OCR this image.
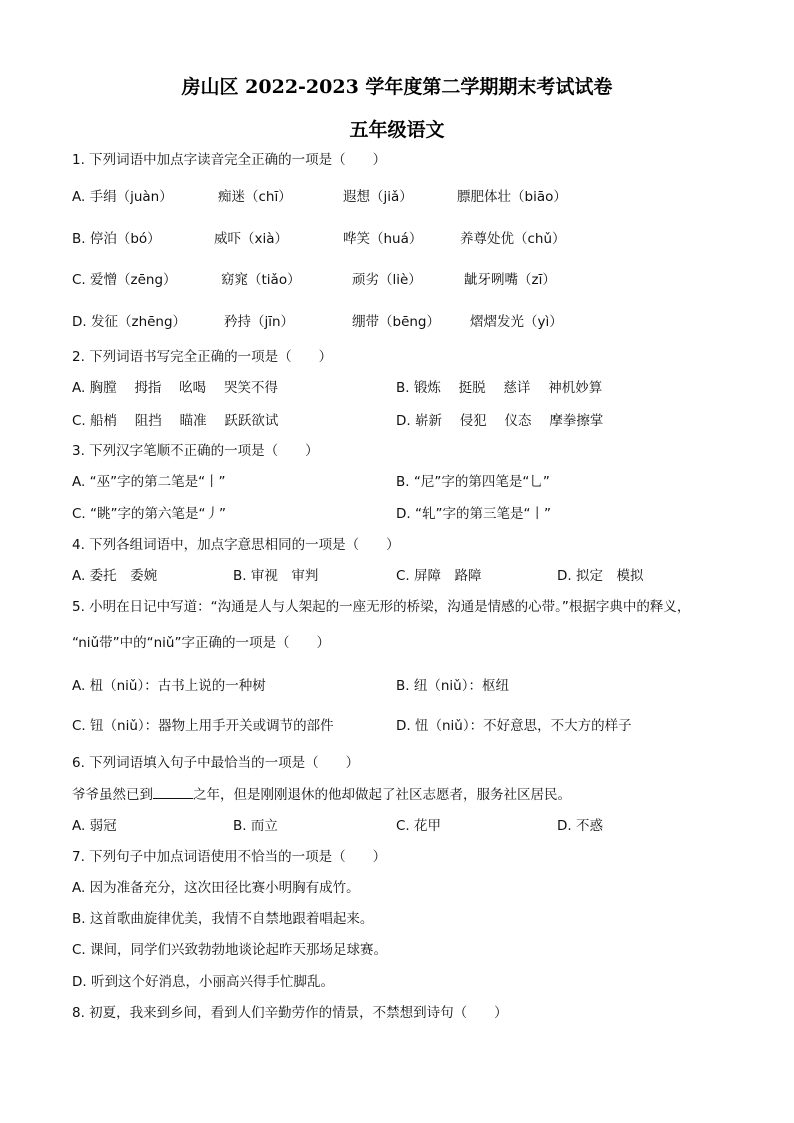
房山区 2022-2023 学年度第二学期期末考试试卷
五年级语文
1. 下列词语中加点字读音完全正确的一项是（　　）
A. 手绢（juàn）	痴迷（chī）	遐想（jiǎ）	膘肥体壮（biāo）
B. 停泊（bó）	威吓（xià）	哗笑（huá）	养尊处优（chǔ）
C. 爱憎（zēng）	窈窕（tiǎo）	顽劣（liè）	龇牙咧嘴（zī）
D. 发征（zhēng）	矜持（jīn）	绷带（bēng） 熠熠发光（yì）
2. 下列词语书写完全正确的一项是（　　）
A. 胸膛　 拇指　 吆喝　 哭笑不得	B. 锻炼　 挺脱　 慈详　 神机妙算
C. 船梢　 阻挡　 瞄准　 跃跃欲试	D. 崭新　 侵犯　 仪态　 摩拳擦掌
3. 下列汉字笔顺不正确的一项是（　　）
A. “巫”字的第二笔是“丨”	B. “尼”字的第四笔是“乚”
C. “眺”字的第六笔是“丿”	D. “轧”字的第三笔是“丨”
4. 下列各组词语中，加点字意思相同的一项是（　　）
A. 委托　委婉	B. 审视　审判	C. 屏障　路障	D. 拟定　模拟
5. 小明在日记中写道：“沟通是人与人架起的一座无形的桥梁，沟通是情感的心带。”根据字典中的释义，
“niǔ带”中的“niǔ”字正确的一项是（　　）
A. 杻（niǔ）：古书上说的一种树	B. 纽（niǔ）：枢纽
C. 钮（niǔ）：器物上用手开关或调节的部件	D. 忸（niǔ）：不好意思，不大方的样子
6. 下列词语填入句子中最恰当的一项是（　　）
爷爷虽然已到	之年，但是刚刚退休的他却做起了社区志愿者，服务社区居民。
A. 弱冠	B. 而立	C. 花甲	D. 不惑
7. 下列句子中加点词语使用不恰当的一项是（　　）
A. 因为准备充分，这次田径比赛小明胸有成竹。
B. 这首歌曲旋律优美，我情不自禁地跟着唱起来。
C. 课间，同学们兴致勃勃地谈论起昨天那场足球赛。
D. 听到这个好消息，小丽高兴得手忙脚乱。
8. 初夏，我来到乡间，看到人们辛勤劳作的情景，不禁想到诗句（　　）
